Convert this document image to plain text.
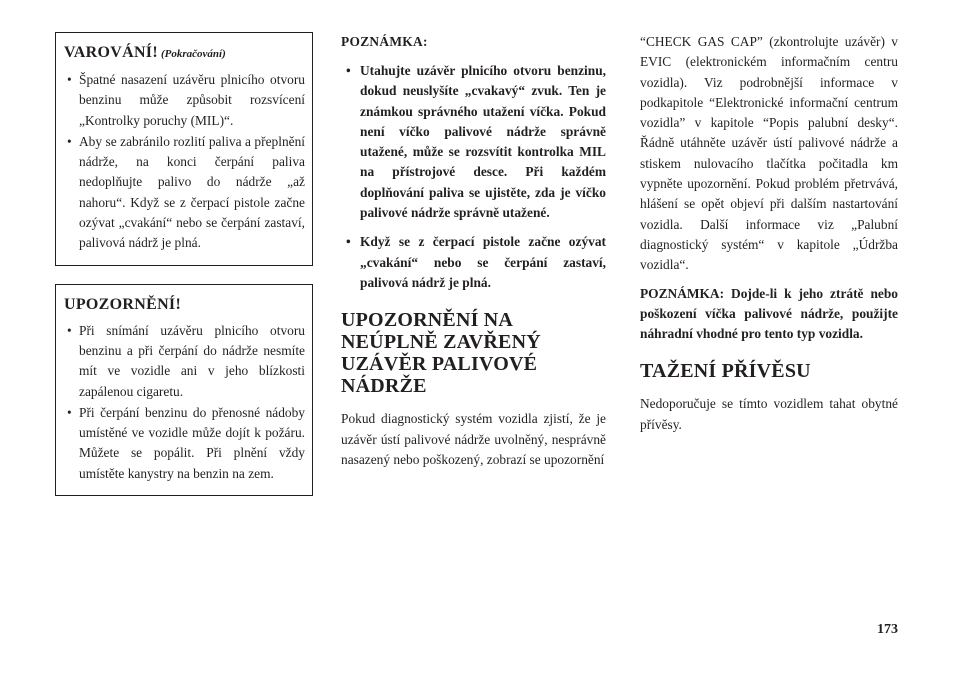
VAROVÁNÍ! (Pokračování)
• Špatné nasazení uzávěru plnicího otvoru benzinu může způsobit rozsvícení „Kontrolky poruchy (MIL)“.
• Aby se zabránilo rozlití paliva a přeplnění nádrže, na konci čerpání paliva nedoplňujte palivo do nádrže „až nahoru“. Když se z čerpací pistole začne ozývat „cvakání“ nebo se čerpání zastaví, palivová nádrž je plná.
UPOZORNĚNÍ!
• Při snímání uzávěru plnicího otvoru benzinu a při čerpání do nádrže nesmíte mít ve vozidle ani v jeho blízkosti zapálenou cigaretu.
• Při čerpání benzinu do přenosné nádoby umístěné ve vozidle může dojít k požáru. Můžete se popálit. Při plnění vždy umístěte kanystry na benzin na zem.
POZNÁMKA:
• Utahujte uzávěr plnicího otvoru benzinu, dokud neuslyšíte „cvakavý“ zvuk. Ten je známkou správného utažení víčka. Pokud není víčko palivové nádrže správně utažené, může se rozsvítit kontrolka MIL na přístrojové desce. Při každém doplňování paliva se ujistěte, zda je víčko palivové nádrže správně utažené.
• Když se z čerpací pistole začne ozývat „cvakání“ nebo se čerpání zastaví, palivová nádrž je plná.
UPOZORNĚNÍ NA NEÚPLNĚ ZAVŘENÝ UZÁVĚR PALIVOVÉ NÁDRŽE

Pokud diagnostický systém vozidla zjistí, že je uzávěr ústí palivové nádrže uvolněný, nesprávně nasazený nebo poškozený, zobrazí se upozornění

“CHECK GAS CAP” (zkontrolujte uzávěr) v EVIC (elektronickém informačním centru vozidla). Viz podrobnější informace v podkapitole “Elektronické informační centrum vozidla” v kapitole “Popis palubní desky“. Řádně utáhněte uzávěr ústí palivové nádrže a stiskem nulovacího tlačítka počitadla km vypněte upozornění. Pokud problém přetrvává, hlášení se opět objeví při dalším nastartování vozidla. Další informace viz „Palubní diagnostický systém“ v kapitole „Údržba vozidla“.

POZNÁMKA: Dojde-li k jeho ztrátě nebo poškození víčka palivové nádrže, použijte náhradní vhodné pro tento typ vozidla.

TAŽENÍ PŘÍVĚSU

Nedoporučuje se tímto vozidlem tahat obytné přívěsy.

173
